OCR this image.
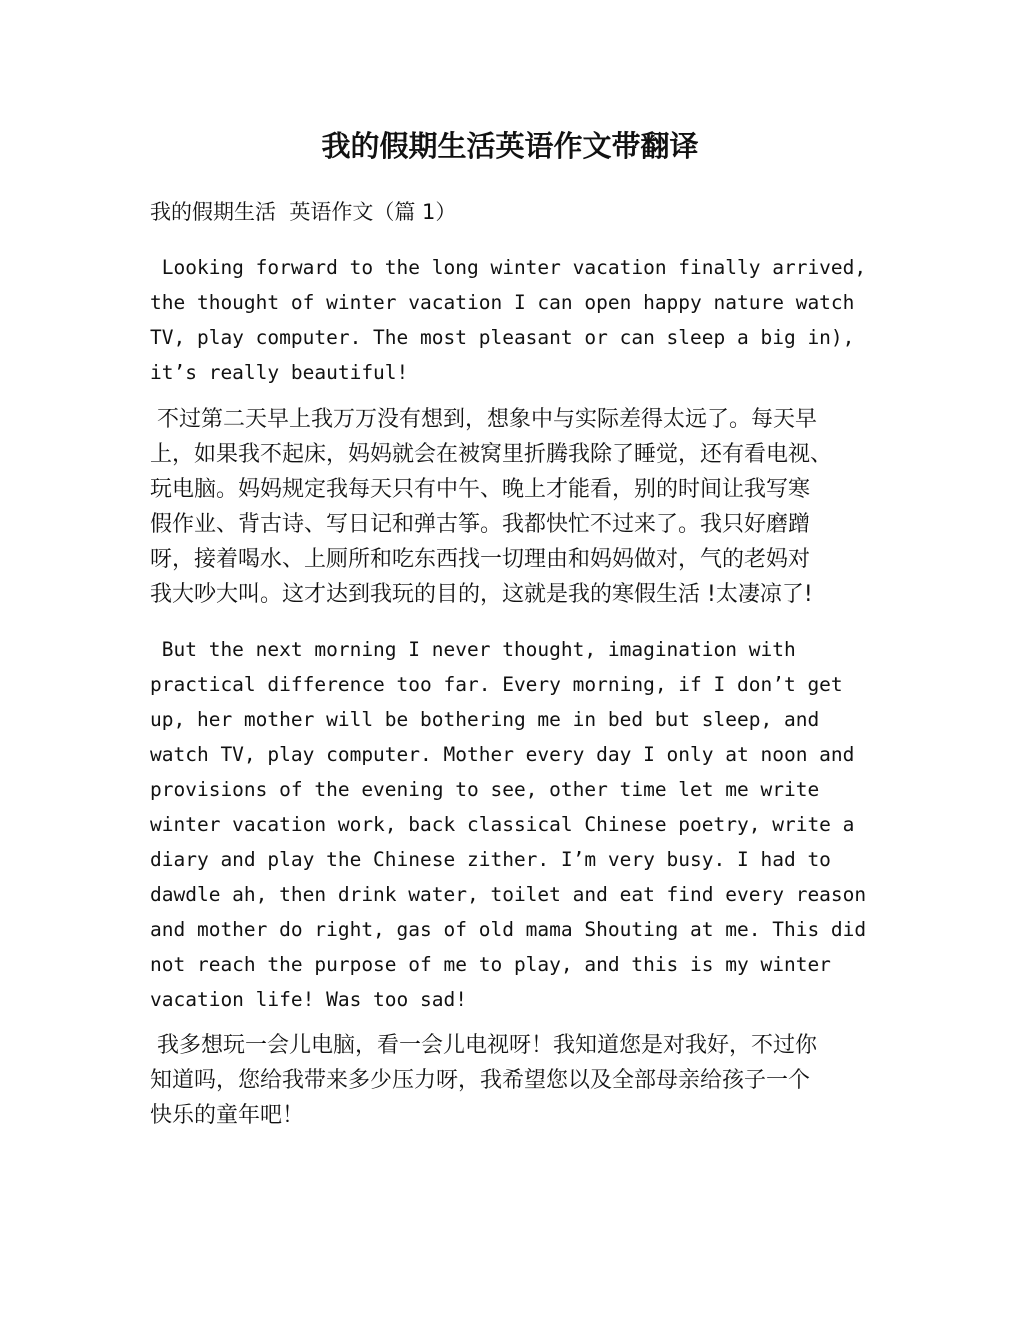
我的假期生活英语作文带翻译
我的假期生活  英语作文（篇 1）
Looking forward to the long winter vacation finally arrived,
the thought of winter vacation I can open happy nature watch
TV, play computer. The most pleasant or can sleep a big in),
it’s really beautiful!
不过第二天早上我万万没有想到，想象中与实际差得太远了。每天早
上，如果我不起床，妈妈就会在被窝里折腾我除了睡觉，还有看电视、
玩电脑。妈妈规定我每天只有中午、晚上才能看，别的时间让我写寒
假作业、背古诗、写日记和弹古筝。我都快忙不过来了。我只好磨蹭
呀，接着喝水、上厕所和吃东西找一切理由和妈妈做对，气的老妈对
我大吵大叫。这才达到我玩的目的，这就是我的寒假生活 !太凄凉了!
But the next morning I never thought, imagination with
practical difference too far. Every morning, if I don’t get
up, her mother will be bothering me in bed but sleep, and
watch TV, play computer. Mother every day I only at noon and
provisions of the evening to see, other time let me write
winter vacation work, back classical Chinese poetry, write a
diary and play the Chinese zither. I’m very busy. I had to
dawdle ah, then drink water, toilet and eat find every reason
and mother do right, gas of old mama Shouting at me. This did
not reach the purpose of me to play, and this is my winter
vacation life! Was too sad!
我多想玩一会儿电脑，看一会儿电视呀！我知道您是对我好，不过你
知道吗，您给我带来多少压力呀，我希望您以及全部母亲给孩子一个
快乐的童年吧！
